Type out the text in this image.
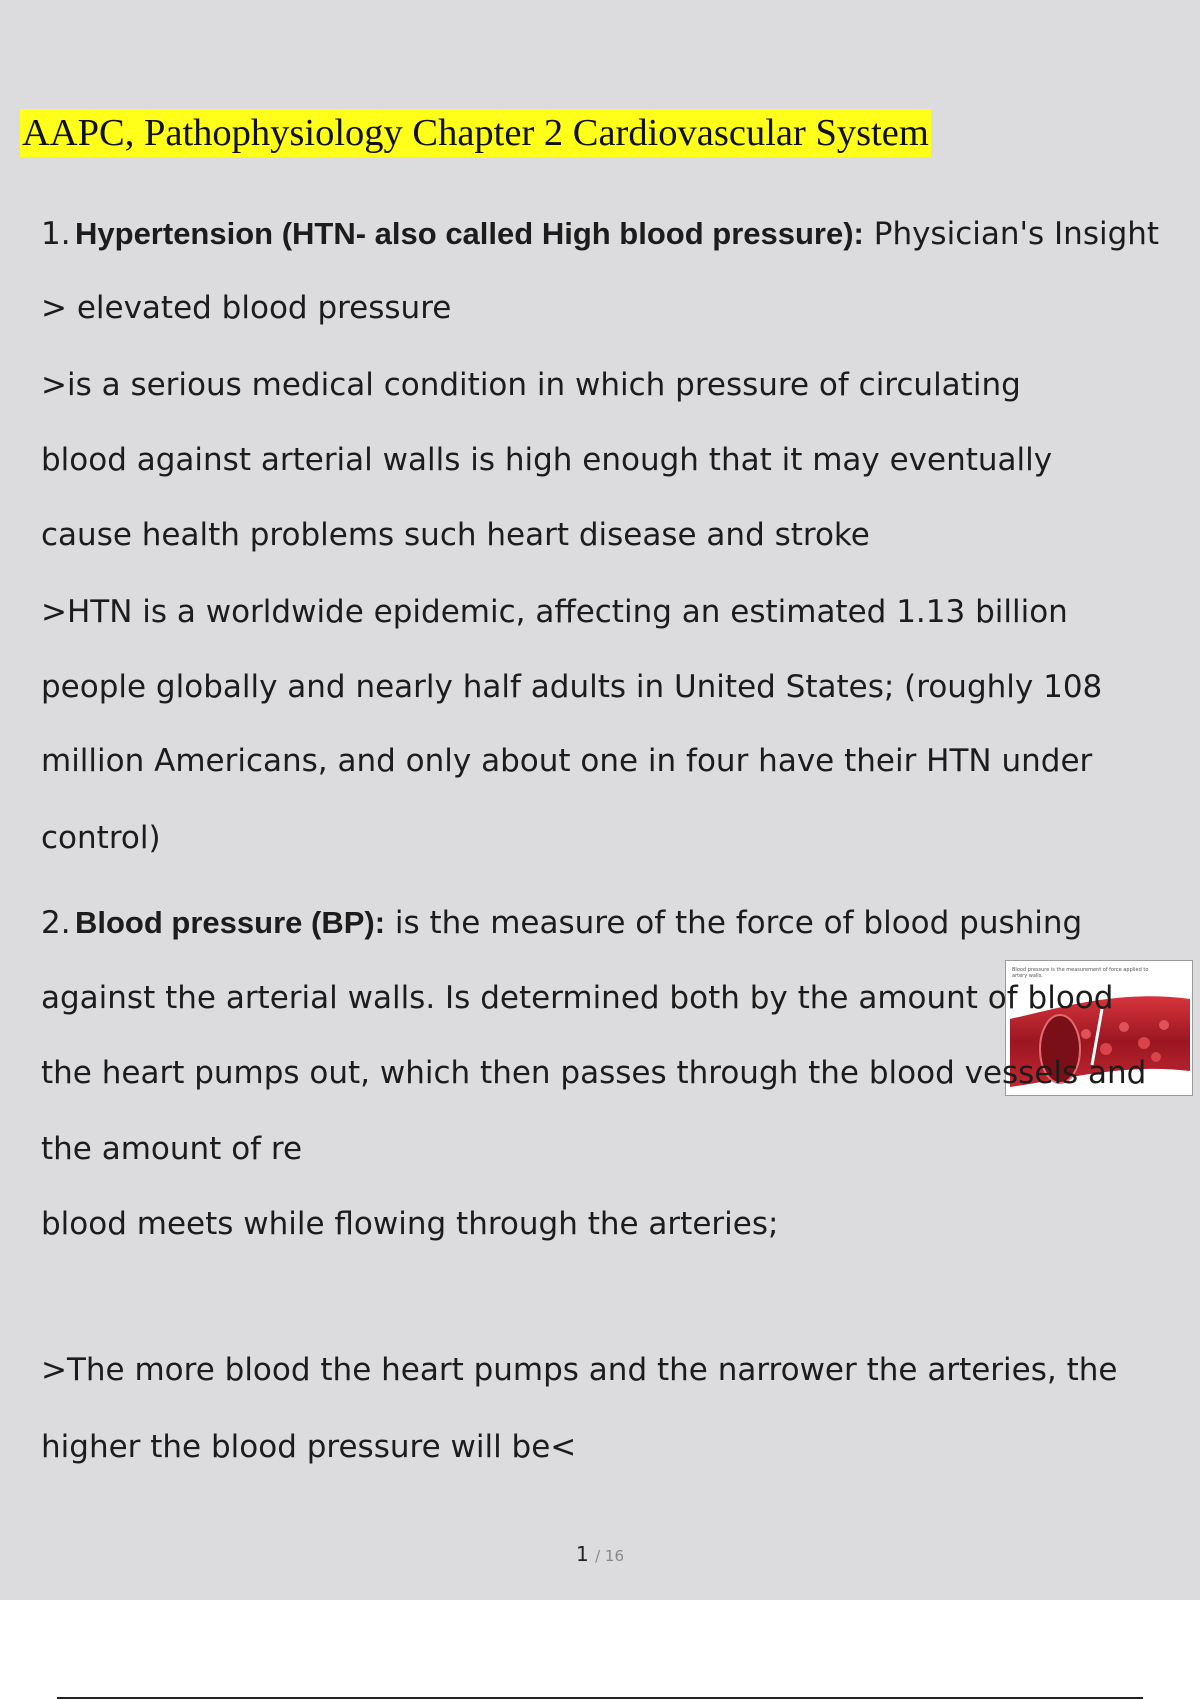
AAPC, Pathophysiology Chapter 2 Cardiovascular System
1. Hypertension (HTN- also called High blood pressure): Physician's Insight
> elevated blood pressure
>is a serious medical condition in which pressure of circulating
blood against arterial walls is high enough that it may eventually
cause health problems such heart disease and stroke
>HTN is a worldwide epidemic, affecting an estimated 1.13 billion
people globally and nearly half adults in United States; (roughly 108
million Americans, and only about one in four have their HTN under
control)
Blood pressure is the measurement of force applied to artery walls.
2. Blood pressure (BP): is the measure of the force of blood pushing
against the arterial walls. Is determined both by the amount of blood
the heart pumps out, which then passes through the blood vessels and
the amount of re
blood meets while flowing through the arteries;
>The more blood the heart pumps and the narrower the arteries, the
higher the blood pressure will be<
1 / 16
